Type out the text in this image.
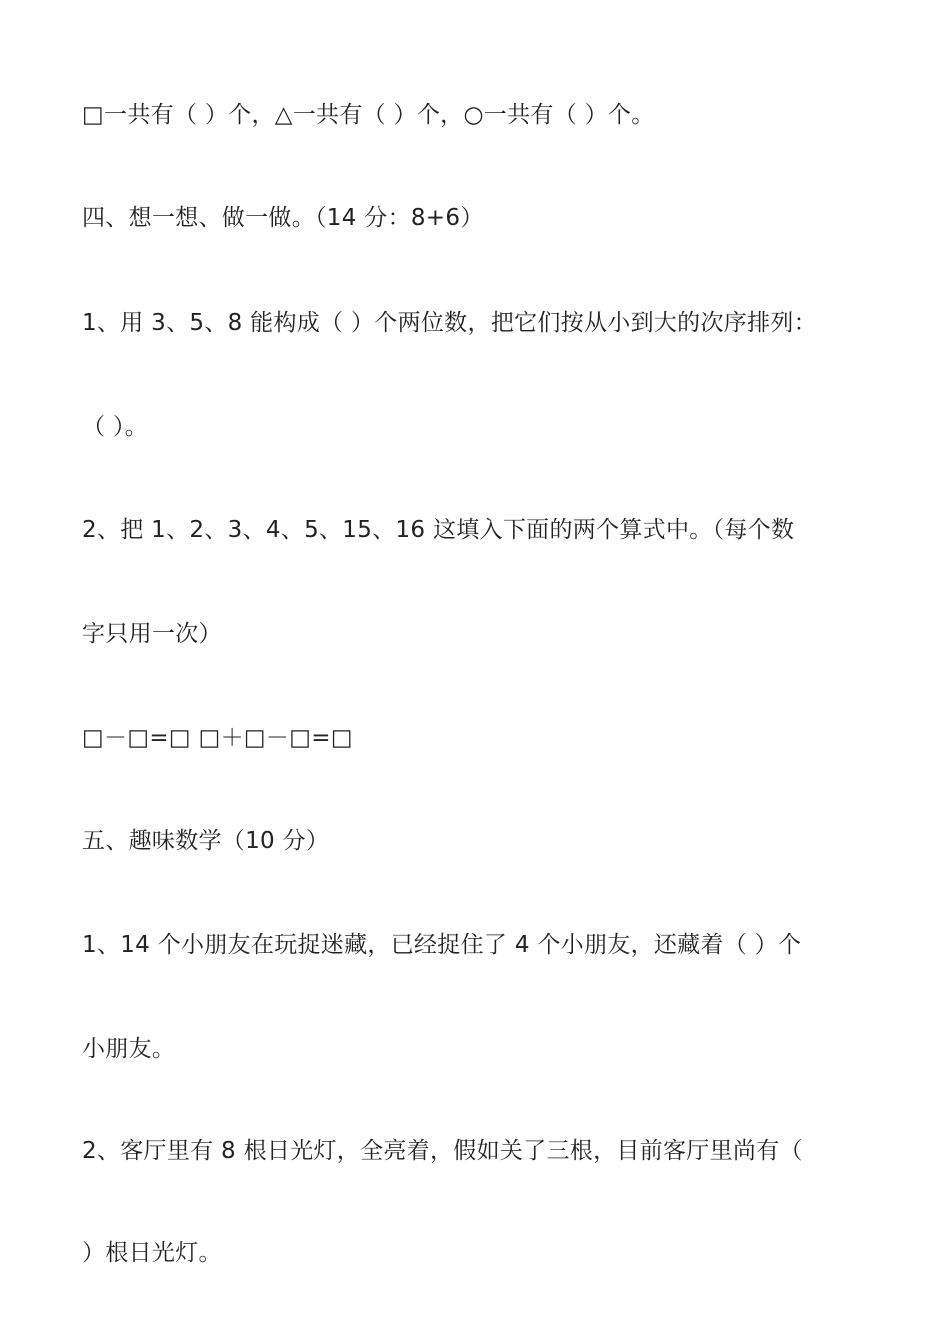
□一共有（ ）个，△一共有（ ）个，○一共有（ ）个。
四、想一想、做一做。（14 分：8+6）
1、用 3、5、8 能构成（ ）个两位数，把它们按从小到大的次序排列：
（ ）。
2、把 1、2、3、4、5、15、16 这填入下面的两个算式中。（每个数
字只用一次）
□－□=□ □＋□－□=□
五、趣味数学（10 分）
1、14 个小朋友在玩捉迷藏，已经捉住了 4 个小朋友，还藏着（ ）个
小朋友。
2、客厅里有 8 根日光灯，全亮着，假如关了三根，目前客厅里尚有（
）根日光灯。
